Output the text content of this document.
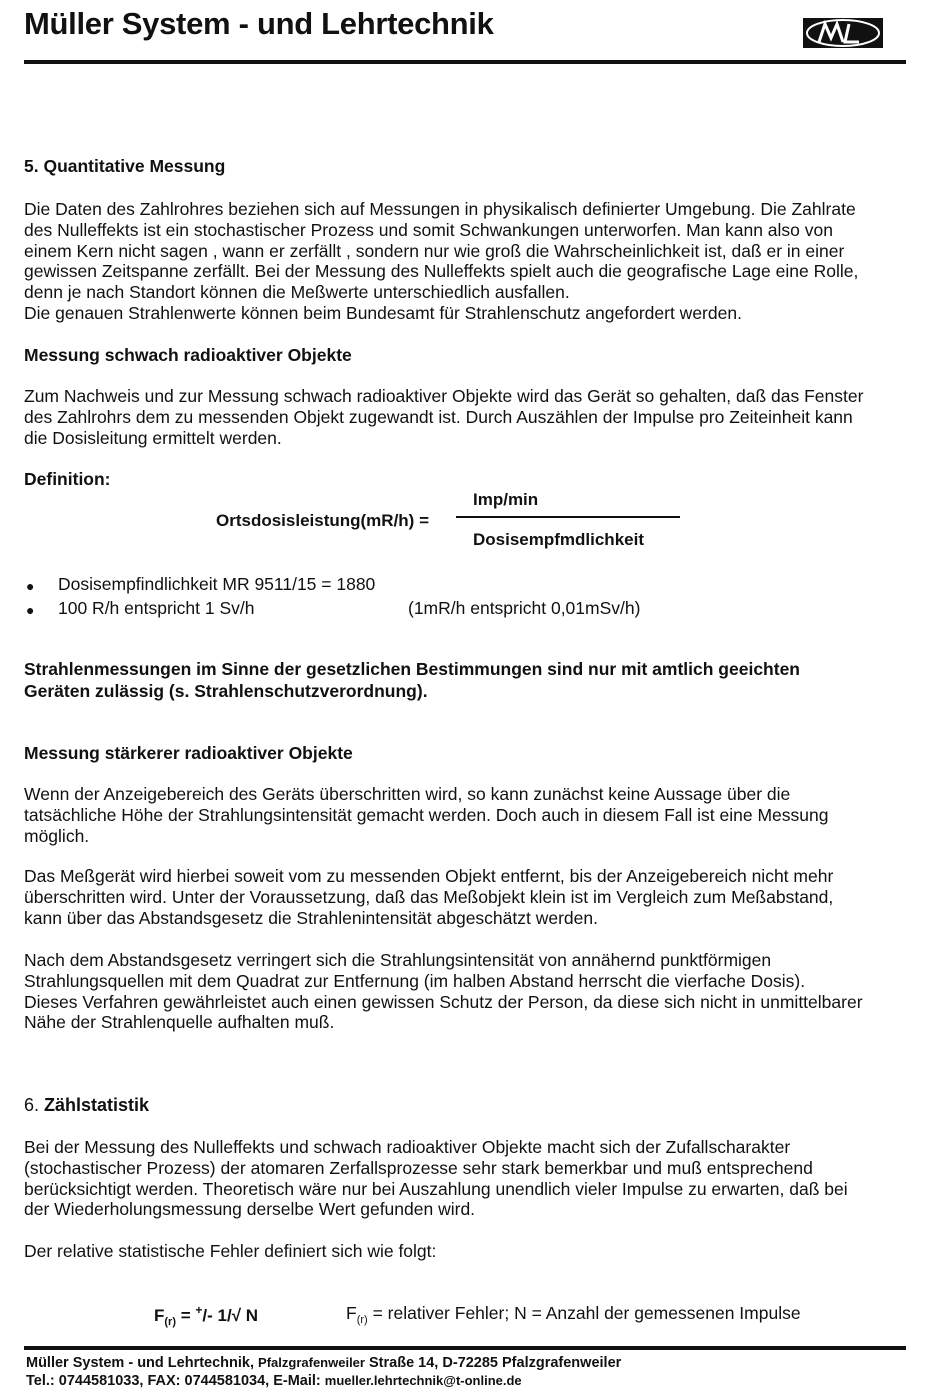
Müller System - und Lehrtechnik
5. Quantitative Messung
Die Daten des Zahlrohres beziehen sich auf Messungen in physikalisch definierter Umgebung. Die Zahlrate
des Nulleffekts ist ein stochastischer Prozess und somit Schwankungen unterworfen. Man kann also von
einem Kern nicht sagen , wann er zerfällt , sondern nur wie groß die Wahrscheinlichkeit ist, daß er in einer
gewissen Zeitspanne zerfällt. Bei der Messung des Nulleffekts spielt auch die geografische Lage eine Rolle,
denn je nach Standort können die Meßwerte unterschiedlich ausfallen.
Die genauen Strahlenwerte können beim Bundesamt für Strahlenschutz angefordert werden.
Messung schwach radioaktiver Objekte
Zum Nachweis und zur Messung schwach radioaktiver Objekte wird das Gerät so gehalten, daß das Fenster
des Zahlrohrs dem zu messenden Objekt zugewandt ist. Durch Auszählen der Impulse pro Zeiteinheit kann
die Dosisleitung ermittelt werden.
Definition:
Ortsdosisleistung(mR/h) =
Imp/min
Dosisempfmdlichkeit
● Dosisempfindlichkeit MR 9511/15 = 1880
● 100 R/h entspricht 1 Sv/h	(1mR/h entspricht 0,01mSv/h)
Strahlenmessungen im Sinne der gesetzlichen Bestimmungen sind nur mit amtlich geeichten
Geräten zulässig (s. Strahlenschutzverordnung).
Messung stärkerer radioaktiver Objekte
Wenn der Anzeigebereich des Geräts überschritten wird, so kann zunächst keine Aussage über die
tatsächliche Höhe der Strahlungsintensität gemacht werden. Doch auch in diesem Fall ist eine Messung
möglich.
Das Meßgerät wird hierbei soweit vom zu messenden Objekt entfernt, bis der Anzeigebereich nicht mehr
überschritten wird. Unter der Voraussetzung, daß das Meßobjekt klein ist im Vergleich zum Meßabstand,
kann über das Abstandsgesetz die Strahlenintensität abgeschätzt werden.
Nach dem Abstandsgesetz verringert sich die Strahlungsintensität von annähernd punktförmigen
Strahlungsquellen mit dem Quadrat zur Entfernung (im halben Abstand herrscht die vierfache Dosis).
Dieses Verfahren gewährleistet auch einen gewissen Schutz der Person, da diese sich nicht in unmittelbarer
Nähe der Strahlenquelle aufhalten muß.
6. Zählstatistik
Bei der Messung des Nulleffekts und schwach radioaktiver Objekte macht sich der Zufallscharakter
(stochastischer Prozess) der atomaren Zerfallsprozesse sehr stark bemerkbar und muß entsprechend
berücksichtigt werden. Theoretisch wäre nur bei Auszahlung unendlich vieler Impulse zu erwarten, daß bei
der Wiederholungsmessung derselbe Wert gefunden wird.
Der relative statistische Fehler definiert sich wie folgt:
$F_{(r)} = ^+/-$ 1/√ N	$F_{(r)}$ = relativer Fehler; N = Anzahl der gemessenen Impulse
Müller System - und Lehrtechnik, Pfalzgrafenweiler Straße 14, D-72285 Pfalzgrafenweiler
Tel.: 0744581033, FAX: 0744581034, E-Mail: mueller.lehrtechnik@t-online.de
